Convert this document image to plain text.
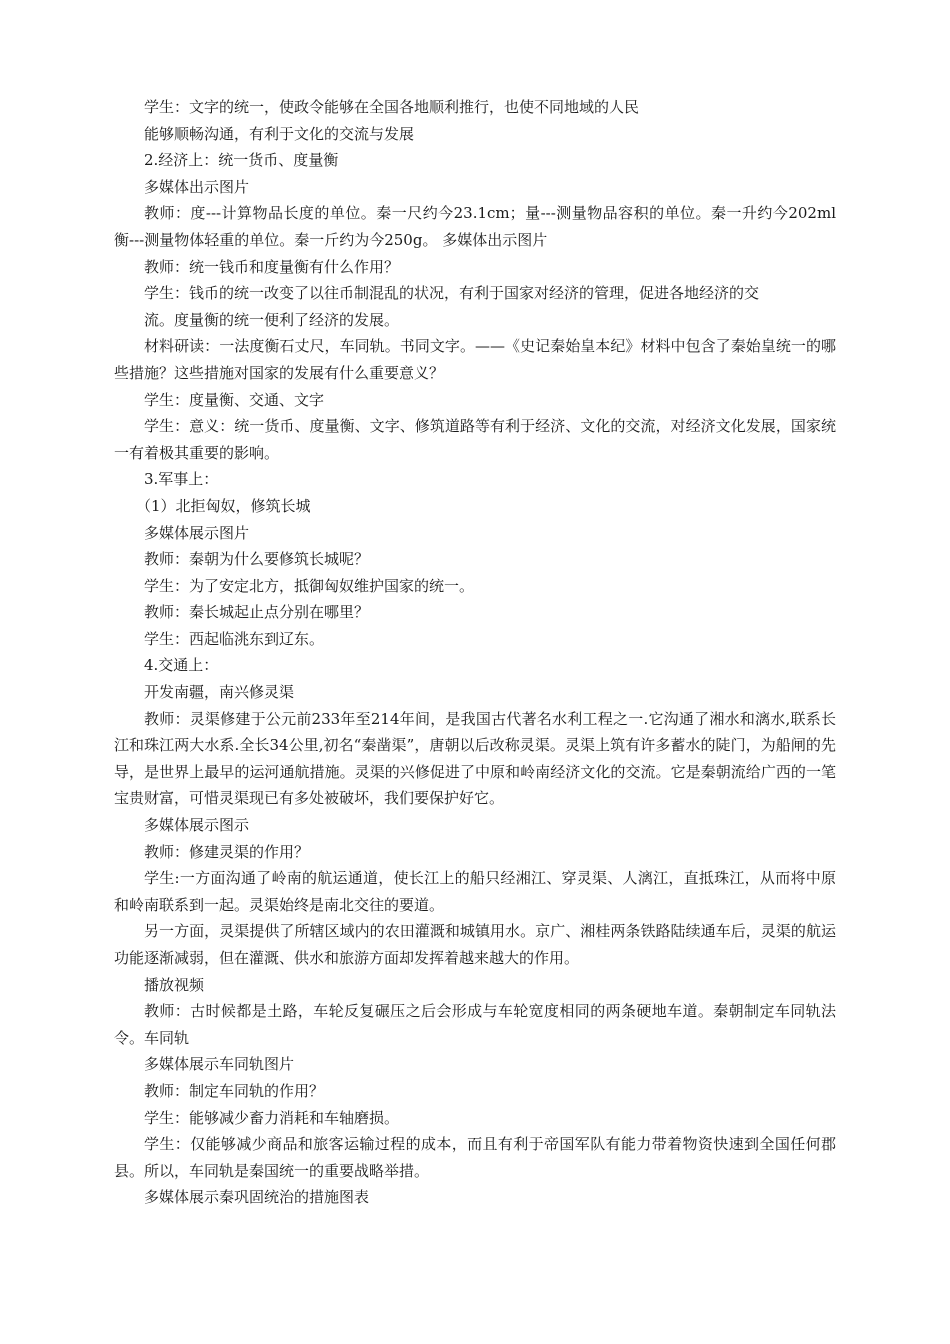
学生：文字的统一，使政令能够在全国各地顺利推行，也使不同地域的人民

能够顺畅沟通，有利于文化的交流与发展

2.经济上：统一货币、度量衡

多媒体出示图片

教师：度---计算物品长度的单位。秦一尺约今23.1cm；量---测量物品容积的单位。秦一升约今202ml 衡---测量物体轻重的单位。秦一斤约为今250g。 多媒体出示图片

教师：统一钱币和度量衡有什么作用？

学生：钱币的统一改变了以往币制混乱的状况，有利于国家对经济的管理，促进各地经济的交

流。度量衡的统一便利了经济的发展。

材料研读：一法度衡石丈尺，车同轨。书同文字。——《史记秦始皇本纪》材料中包含了秦始皇统一的哪些措施？这些措施对国家的发展有什么重要意义？

学生：度量衡、交通、文字

学生：意义：统一货币、度量衡、文字、修筑道路等有利于经济、文化的交流，对经济文化发展，国家统一有着极其重要的影响。

3.军事上：

（1）北拒匈奴，修筑长城

多媒体展示图片

教师：秦朝为什么要修筑长城呢？

学生：为了安定北方，抵御匈奴维护国家的统一。

教师：秦长城起止点分别在哪里？

学生：西起临洮东到辽东。

4.交通上：

开发南疆，南兴修灵渠

教师：灵渠修建于公元前233年至214年间，是我国古代著名水利工程之一.它沟通了湘水和漓水,联系长江和珠江两大水系.全长34公里,初名“秦凿渠”，唐朝以后改称灵渠。灵渠上筑有许多蓄水的陡门，为船闸的先导，是世界上最早的运河通航措施。灵渠的兴修促进了中原和岭南经济文化的交流。它是秦朝流给广西的一笔宝贵财富，可惜灵渠现已有多处被破坏，我们要保护好它。

多媒体展示图示

教师：修建灵渠的作用？

学生:一方面沟通了岭南的航运通道，使长江上的船只经湘江、穿灵渠、人漓江，直抵珠江，从而将中原和岭南联系到一起。灵渠始终是南北交往的要道。

另一方面，灵渠提供了所辖区域内的农田灌溉和城镇用水。京广、湘桂两条铁路陆续通车后，灵渠的航运功能逐渐减弱，但在灌溉、供水和旅游方面却发挥着越来越大的作用。

播放视频

教师：古时候都是土路，车轮反复碾压之后会形成与车轮宽度相同的两条硬地车道。秦朝制定车同轨法令。车同轨

多媒体展示车同轨图片

教师：制定车同轨的作用？

学生：能够减少畜力消耗和车轴磨损。

学生：仅能够减少商品和旅客运输过程的成本，而且有利于帝国军队有能力带着物资快速到全国任何郡县。所以，车同轨是秦国统一的重要战略举措。

多媒体展示秦巩固统治的措施图表
